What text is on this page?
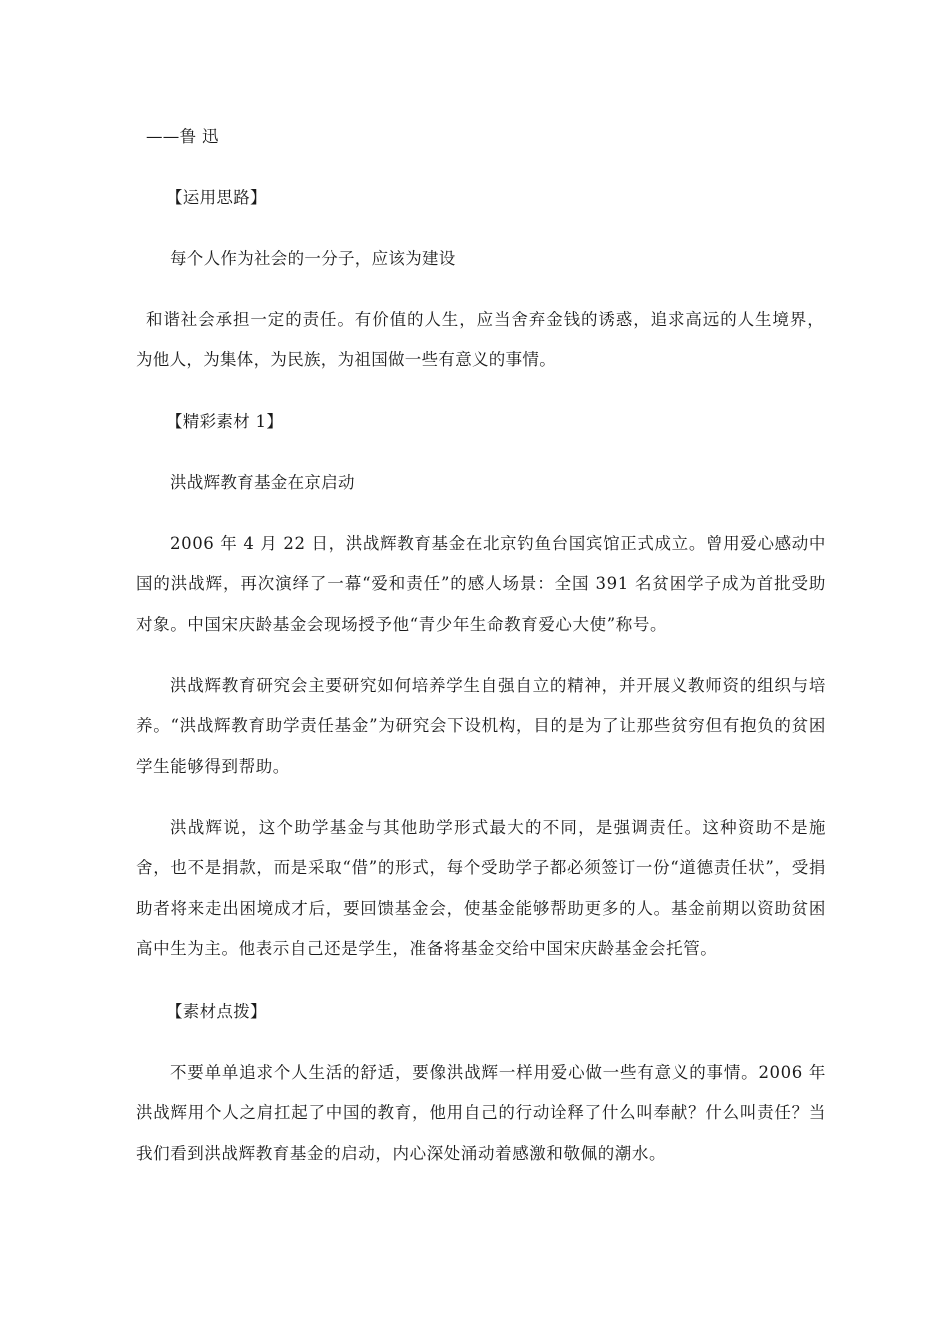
——鲁 迅
【运用思路】
每个人作为社会的一分子，应该为建设
和谐社会承担一定的责任。有价值的人生，应当舍弃金钱的诱惑，追求高远的人生境界，
为他人，为集体，为民族，为祖国做一些有意义的事情。
【精彩素材 1】
洪战辉教育基金在京启动
2006 年 4 月 22 日，洪战辉教育基金在北京钓鱼台国宾馆正式成立。曾用爱心感动中国的洪战辉，再次演绎了一幕“爱和责任”的感人场景：全国 391 名贫困学子成为首批受助对象。中国宋庆龄基金会现场授予他“青少年生命教育爱心大使”称号。
洪战辉教育研究会主要研究如何培养学生自强自立的精神，并开展义教师资的组织与培养。“洪战辉教育助学责任基金”为研究会下设机构，目的是为了让那些贫穷但有抱负的贫困学生能够得到帮助。
洪战辉说，这个助学基金与其他助学形式最大的不同，是强调责任。这种资助不是施舍，也不是捐款，而是采取“借”的形式，每个受助学子都必须签订一份“道德责任状”，受捐助者将来走出困境成才后，要回馈基金会，使基金能够帮助更多的人。基金前期以资助贫困高中生为主。他表示自己还是学生，准备将基金交给中国宋庆龄基金会托管。
【素材点拨】
不要单单追求个人生活的舒适，要像洪战辉一样用爱心做一些有意义的事情。2006 年洪战辉用个人之肩扛起了中国的教育，他用自己的行动诠释了什么叫奉献？什么叫责任？当我们看到洪战辉教育基金的启动，内心深处涌动着感激和敬佩的潮水。
